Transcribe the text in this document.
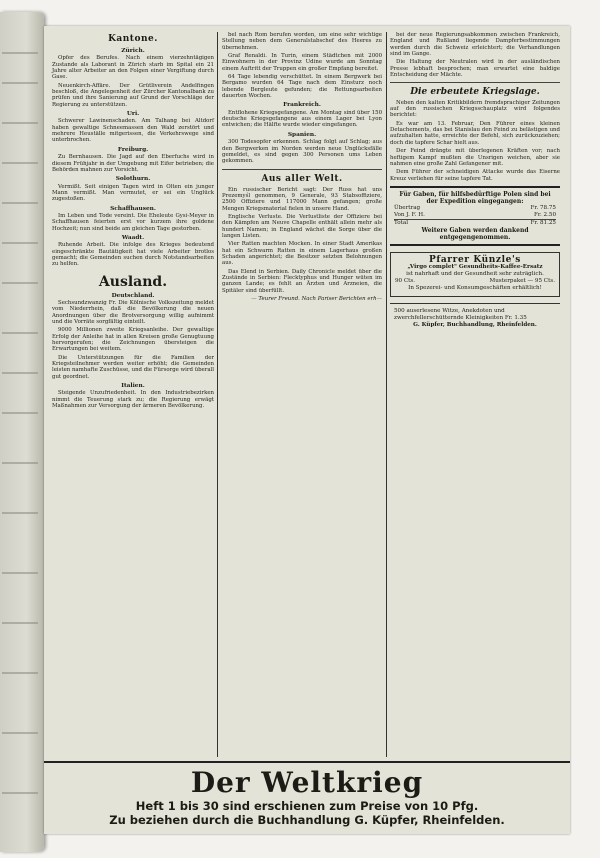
Kantone.
Zürich.

Opfer des Berufes. Nach einem vierzehntägigen Zustande als Laborant in Zürich starb im Spital ein 21 Jahre alter Arbeiter an den Folgen einer Vergiftung durch Gase.

Neuenkirch-Affäre. Der Grütliverein Andelfingen beschloß, die Angelegenheit der Zürcher Kantonalbank zu prüfen und ihre Sanierung auf Grund der Vorschläge der Regierung zu unterstützen.

Uri.

Schwerer Lawinenschaden. Am Talhang bei Altdorf haben gewaltige Schneemassen den Wald zerstört und mehrere Heuställe mitgerissen, die Verkehrswege sind unterbrochen.

Freiburg.

Zu Bernhausen. Die Jagd auf den Eberfuchs wird in diesem Frühjahr in der Umgebung mit Eifer betrieben; die Behörden mahnen zur Vorsicht.

Solothurn.

Vermißt. Seit einigen Tagen wird in Olten ein junger Mann vermißt. Man vermutet, er sei ein Unglück zugestoßen.

Schaffhausen.

Im Leben und Tode vereint. Die Eheleute Gysi-Meyer in Schaffhausen feierten erst vor kurzem ihre goldene Hochzeit; nun sind beide am gleichen Tage gestorben.

Waadt.

Ruhende Arbeit. Die infolge des Krieges bedeutend eingeschränkte Bautätigkeit hat viele Arbeiter brotlos gemacht; die Gemeinden suchen durch Notstandsarbeiten zu helfen.

Ausland.
Deutschland.

Sechsundzwanzig Fr. Die Kölnische Volkszeitung meldet vom Niederrhein, daß die Bevölkerung die neuen Anordnungen über die Brotversorgung willig aufnimmt und die Vorräte sorgfältig einteilt.

9000 Millionen zweite Kriegsanleihe. Der gewaltige Erfolg der Anleihe hat in allen Kreisen große Genugtuung hervorgerufen; die Zeichnungen übersteigen die Erwartungen bei weitem.

Die Unterstützungen für die Familien der Kriegsteilnehmer werden weiter erhöht; die Gemeinden leisten namhafte Zuschüsse, und die Fürsorge wird überall gut geordnet.

Italien.

Steigende Unzufriedenheit. In den Industriebezirken nimmt die Teuerung stark zu; die Regierung erwägt Maßnahmen zur Versorgung der ärmeren Bevölkerung.

bel nach Rom berufen worden, um eine sehr wichtige Stellung neben dem Generalstabschef des Heeres zu übernehmen.

Graf Renaldi. In Turin, einem Städtchen mit 2000 Einwohnern in der Provinz Udine wurde am Sonntag einem Auftritt der Truppen ein großer Empfang bereitet.

64 Tage lebendig verschüttet. In einem Bergwerk bei Bergamo wurden 64 Tage nach dem Einsturz noch lebende Bergleute gefunden; die Rettungsarbeiten dauerten Wochen.

Frankreich.

Entflohene Kriegsgefangene. Am Montag sind über 150 deutsche Kriegsgefangene aus einem Lager bei Lyon entwichen; die Hälfte wurde wieder eingefangen.

Spanien.

300 Todesopfer erkennen. Schlag folgt auf Schlag; aus den Bergwerken im Norden werden neue Unglücksfälle gemeldet, es sind gegen 300 Personen ums Leben gekommen.

Aus aller Welt.

Ein russischer Bericht sagt: Der Russ hat uns Prezemyśl genommen, 9 Generale, 93 Stabsoffiziere, 2500 Offiziere und 117000 Mann gefangen; große Mengen Kriegsmaterial fielen in unsere Hand.

Englische Verluste. Die Verlustliste der Offiziere bei den Kämpfen am Neuve Chapelle enthält allein mehr als hundert Namen; in England wächst die Sorge über die langen Listen.

Vier Ratten machten Mocken. In einer Stadt Amerikas hat ein Schwarm Ratten in einem Lagerhaus großen Schaden angerichtet; die Besitzer setzten Belohnungen aus.

Das Elend in Serbien. Daily Chronicle meldet über die Zustände in Serbien: Flecktyphus und Hunger wüten im ganzen Lande; es fehlt an Ärzten und Arzneien, die Spitäler sind überfüllt.

— Teurer Freund. Nach Pariser Berichten erh—

bei der neue Regierungsabkommen zwischen Frankreich, England und Rußland liegende Dampferbestimmungen werden durch die Schweiz erleichtert; die Verhandlungen sind im Gange.

Die Haltung der Neutralen wird in der ausländischen Presse lebhaft besprochen; man erwartet eine baldige Entscheidung der Mächte.

Die erbeutete Kriegslage.

Neben den kalten Kritikbildern fremdsprachiger Zeitungen auf den russischen Kriegsschauplatz wird folgendes berichtet:

Es war am 13. Februar, Den Führer eines kleinen Detachements, das bei Stanislau den Feind zu belästigen und aufzuhalten hatte, erreichte der Befehl, sich zurückzuziehen; doch die tapfere Schar hielt aus.

Der Feind drängte mit überlegenen Kräften vor; nach heftigem Kampf mußten die Unsrigen weichen, aber sie nahmen eine große Zahl Gefangener mit.

Dem Führer der schneidigen Attacke wurde das Eiserne Kreuz verliehen für seine tapfere Tat.

Für Gaben, für hilfsbedürftige Polen sind bei der Expedition eingegangen:
Übertrag	Fr. 78.75
Von J. F. H.	Fr. 2.50
Total	Fr. 81.25
Weitere Gaben werden dankend entgegengenommen.
Pfarrer Künzle's
„Virgo complet" Gesundheits-Kaffee-Ersatz
ist nahrhaft und der Gesundheit sehr zuträglich.
90 Cts.	Musterpaket — 95 Cts.
In Spezerei- und Konsumgeschäften erhältlich!
500 auserlesene Witze, Anekdoten und zwerchfellerschütternde Kleinigkeiten Fr. 1.35
G. Küpfer, Buchhandlung, Rheinfelden.
Der Weltkrieg
Heft 1 bis 30 sind erschienen zum Preise von 10 Pfg.
Zu beziehen durch die Buchhandlung G. Küpfer, Rheinfelden.
